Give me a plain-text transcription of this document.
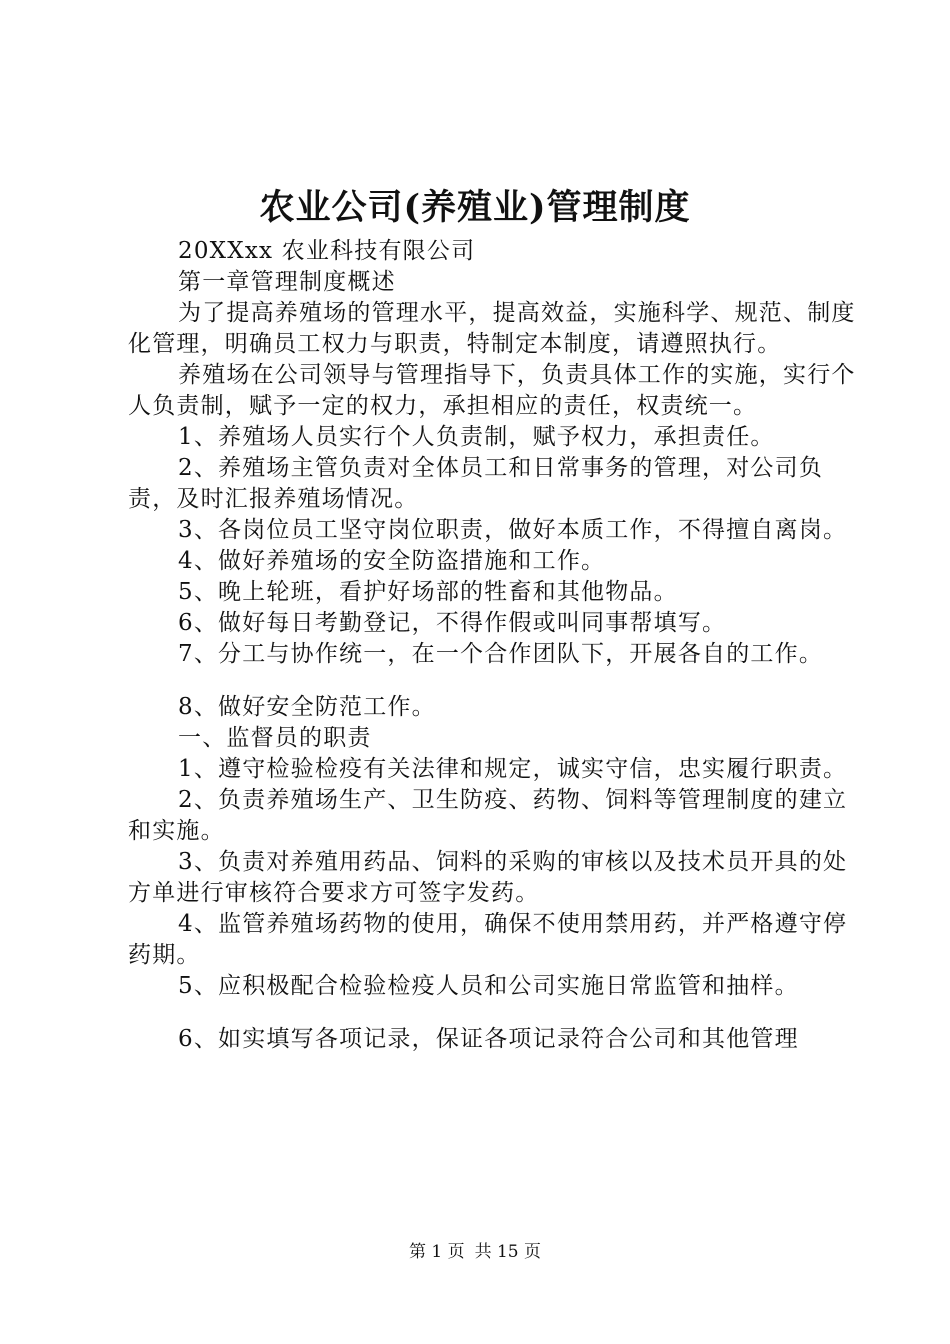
农业公司(养殖业)管理制度

20XXxx 农业科技有限公司

第一章管理制度概述

为了提高养殖场的管理水平，提高效益，实施科学、规范、制度化管理，明确员工权力与职责，特制定本制度，请遵照执行。

养殖场在公司领导与管理指导下，负责具体工作的实施，实行个人负责制，赋予一定的权力，承担相应的责任，权责统一。

1、养殖场人员实行个人负责制，赋予权力，承担责任。

2、养殖场主管负责对全体员工和日常事务的管理，对公司负责，及时汇报养殖场情况。

3、各岗位员工坚守岗位职责，做好本质工作，不得擅自离岗。

4、做好养殖场的安全防盗措施和工作。

5、晚上轮班，看护好场部的牲畜和其他物品。

6、做好每日考勤登记，不得作假或叫同事帮填写。

7、分工与协作统一，在一个合作团队下，开展各自的工作。

8、做好安全防范工作。

一、监督员的职责

1、遵守检验检疫有关法律和规定，诚实守信，忠实履行职责。

2、负责养殖场生产、卫生防疫、药物、饲料等管理制度的建立和实施。

3、负责对养殖用药品、饲料的采购的审核以及技术员开具的处方单进行审核符合要求方可签字发药。

4、监管养殖场药物的使用，确保不使用禁用药，并严格遵守停药期。

5、应积极配合检验检疫人员和公司实施日常监管和抽样。

6、如实填写各项记录，保证各项记录符合公司和其他管理

第 1 页 共 15 页
